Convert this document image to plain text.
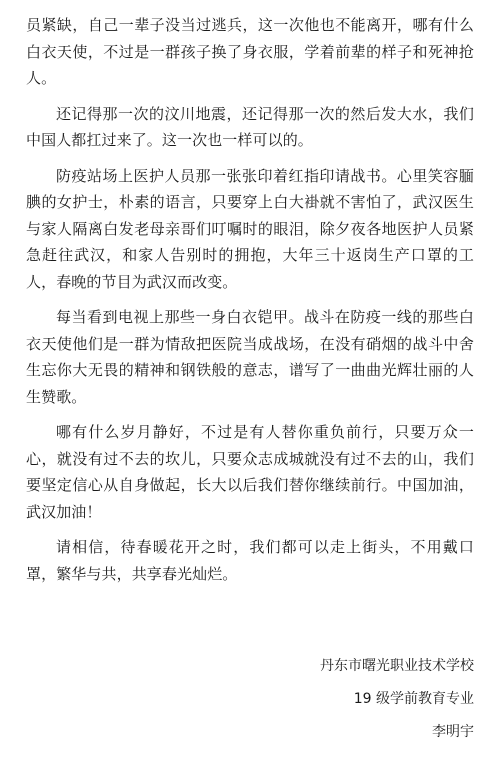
员紧缺，自己一辈子没当过逃兵，这一次他也不能离开，哪有什么白衣天使，不过是一群孩子换了身衣服，学着前辈的样子和死神抢人。

还记得那一次的汶川地震，还记得那一次的然后发大水，我们中国人都扛过来了。这一次也一样可以的。

防疫站场上医护人员那一张张印着红指印请战书。心里笑容腼腆的女护士，朴素的语言，只要穿上白大褂就不害怕了，武汉医生与家人隔离白发老母亲哥们叮嘱时的眼泪，除夕夜各地医护人员紧急赶往武汉，和家人告别时的拥抱，大年三十返岗生产口罩的工人，春晚的节目为武汉而改变。

每当看到电视上那些一身白衣铠甲。战斗在防疫一线的那些白衣天使他们是一群为情敌把医院当成战场，在没有硝烟的战斗中舍生忘你大无畏的精神和钢铁般的意志，谱写了一曲曲光辉壮丽的人生赞歌。

哪有什么岁月静好，不过是有人替你重负前行，只要万众一心，就没有过不去的坎儿，只要众志成城就没有过不去的山，我们要坚定信心从自身做起，长大以后我们替你继续前行。中国加油，武汉加油！

请相信，待春暖花开之时，我们都可以走上街头，不用戴口罩，繁华与共，共享春光灿烂。

丹东市曙光职业技术学校
19 级学前教育专业
李明宇
